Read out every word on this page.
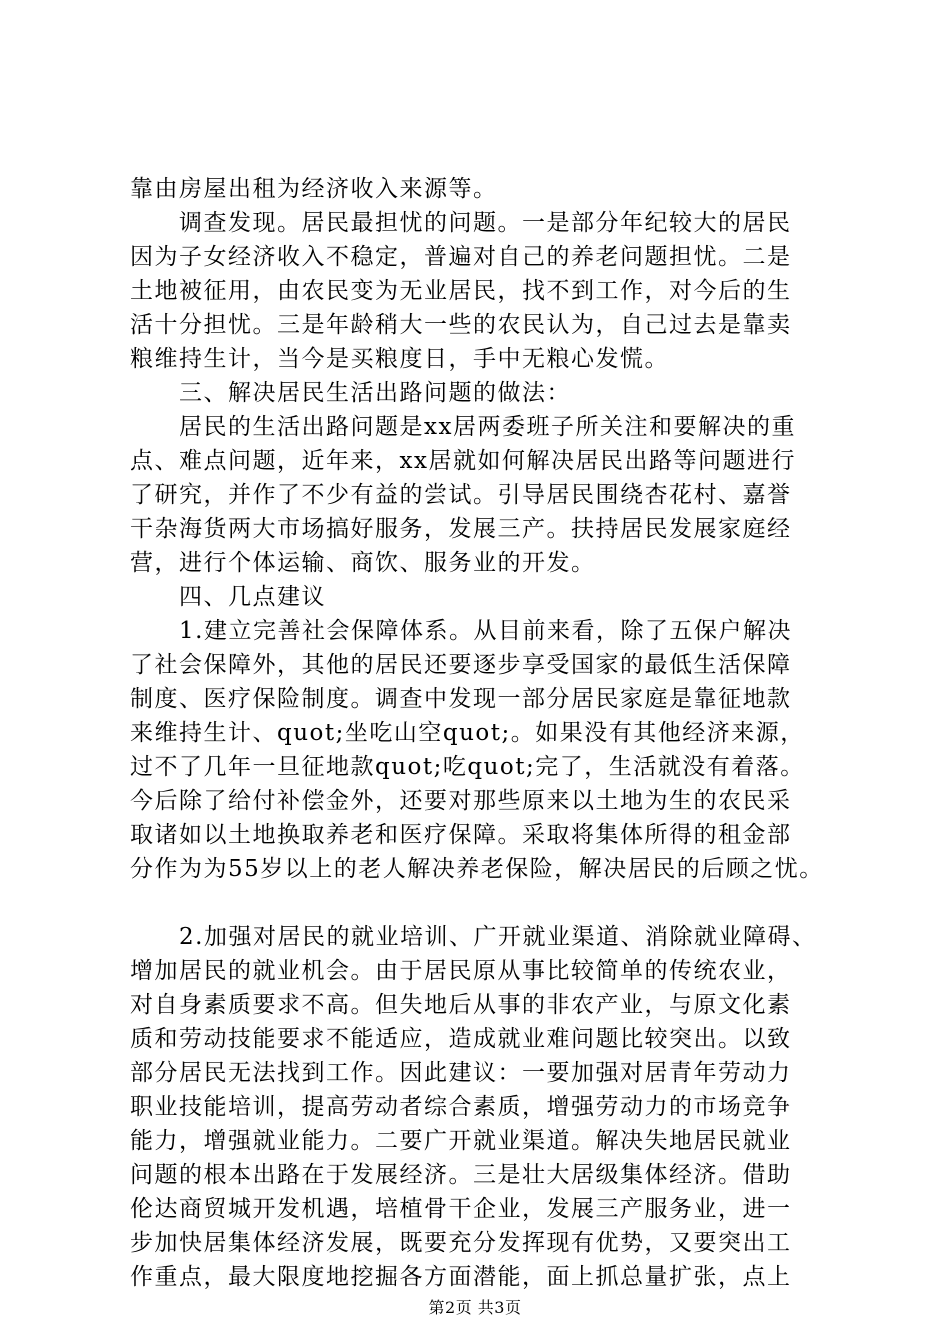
靠由房屋出租为经济收入来源等。
　　调查发现。居民最担忧的问题。一是部分年纪较大的居民
因为子女经济收入不稳定，普遍对自己的养老问题担忧。二是
土地被征用，由农民变为无业居民，找不到工作，对今后的生
活十分担忧。三是年龄稍大一些的农民认为，自己过去是靠卖
粮维持生计，当今是买粮度日，手中无粮心发慌。
　　三、解决居民生活出路问题的做法：
　　居民的生活出路问题是xx居两委班子所关注和要解决的重
点、难点问题，近年来，xx居就如何解决居民出路等问题进行
了研究，并作了不少有益的尝试。引导居民围绕杏花村、嘉誉
干杂海货两大市场搞好服务，发展三产。扶持居民发展家庭经
营，进行个体运输、商饮、服务业的开发。
　　四、几点建议
　　1.建立完善社会保障体系。从目前来看，除了五保户解决
了社会保障外，其他的居民还要逐步享受国家的最低生活保障
制度、医疗保险制度。调查中发现一部分居民家庭是靠征地款
来维持生计、quot;坐吃山空quot;。如果没有其他经济来源，
过不了几年一旦征地款quot;吃quot;完了，生活就没有着落。
今后除了给付补偿金外，还要对那些原来以土地为生的农民采
取诸如以土地换取养老和医疗保障。采取将集体所得的租金部
分作为为55岁以上的老人解决养老保险，解决居民的后顾之忧。
　　2.加强对居民的就业培训、广开就业渠道、消除就业障碍、
增加居民的就业机会。由于居民原从事比较简单的传统农业，
对自身素质要求不高。但失地后从事的非农产业，与原文化素
质和劳动技能要求不能适应，造成就业难问题比较突出。以致
部分居民无法找到工作。因此建议：一要加强对居青年劳动力
职业技能培训，提高劳动者综合素质，增强劳动力的市场竞争
能力，增强就业能力。二要广开就业渠道。解决失地居民就业
问题的根本出路在于发展经济。三是壮大居级集体经济。借助
伦达商贸城开发机遇，培植骨干企业，发展三产服务业，进一
步加快居集体经济发展，既要充分发挥现有优势，又要突出工
作重点，最大限度地挖掘各方面潜能，面上抓总量扩张，点上
第2页 共3页
